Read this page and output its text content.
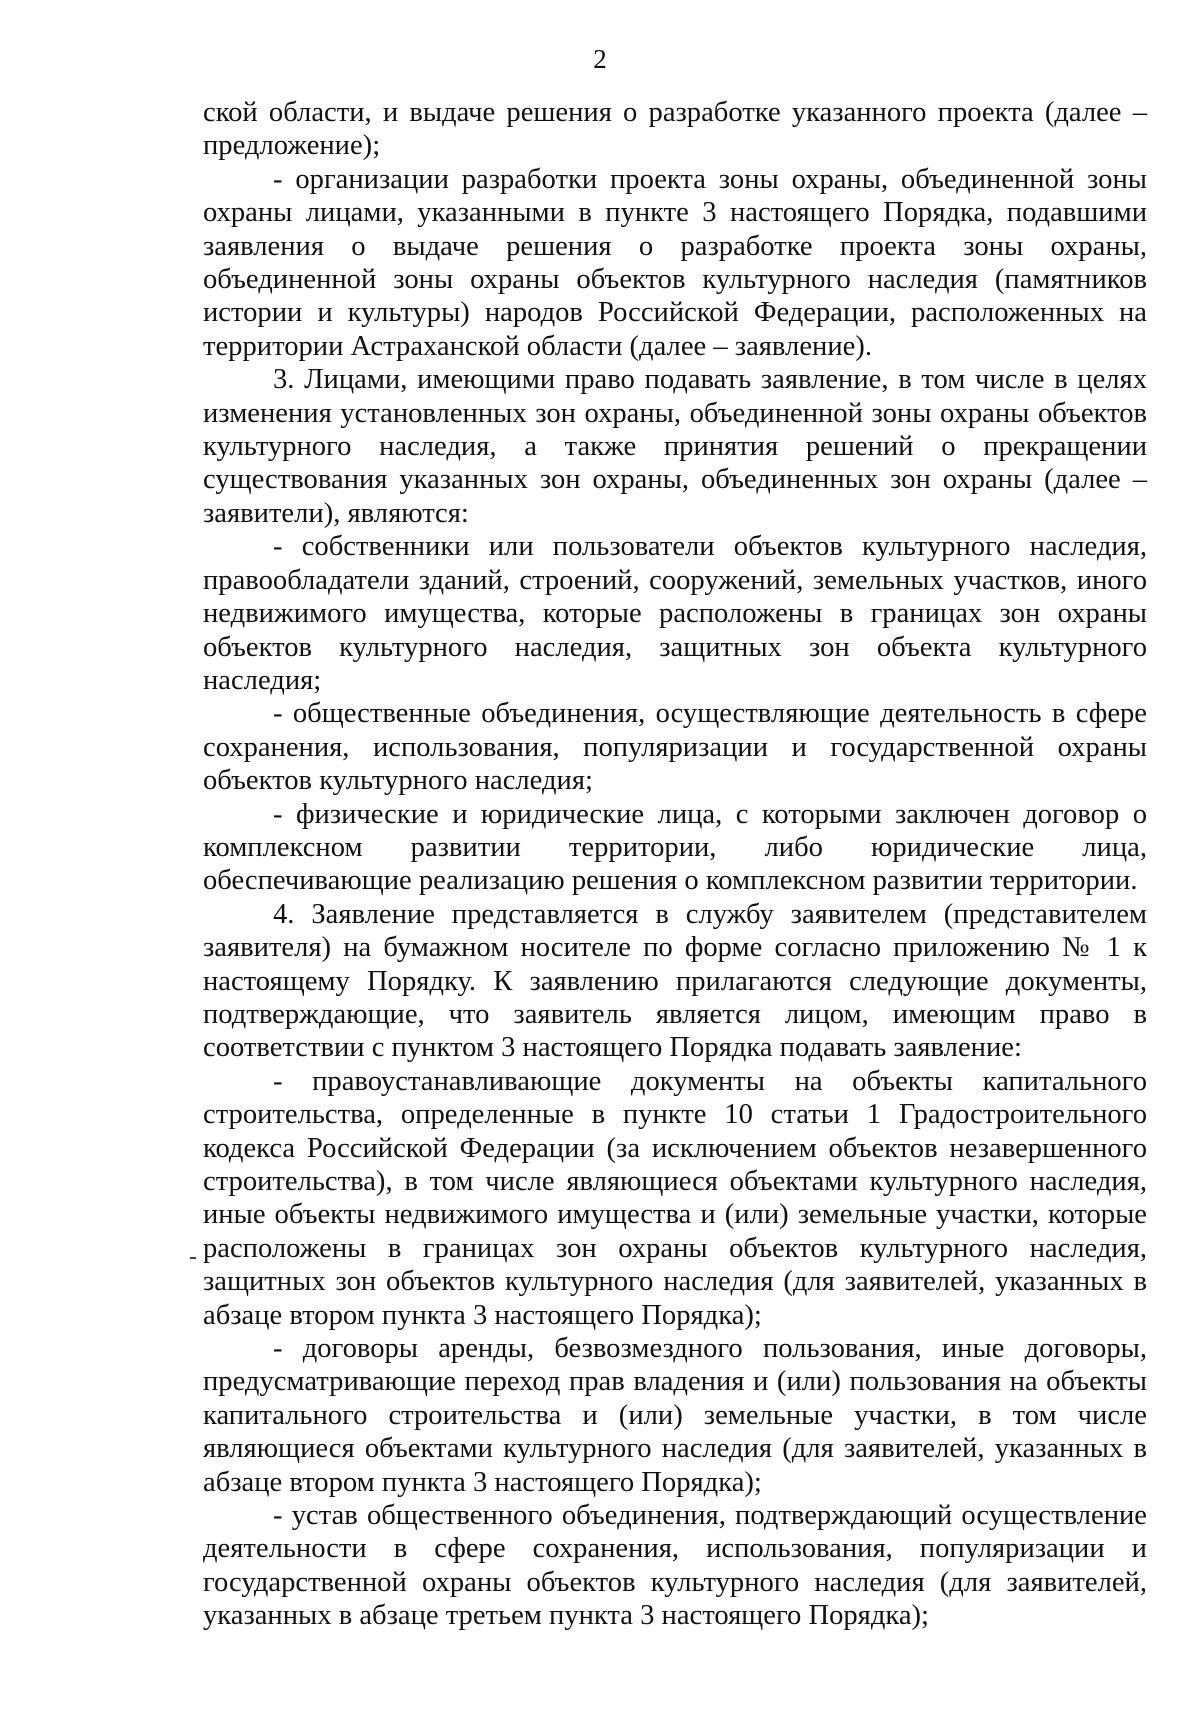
2

ской области, и выдаче решения о разработке указанного проекта (далее – предложение);

- организации разработки проекта зоны охраны, объединенной зоны охраны лицами, указанными в пункте 3 настоящего Порядка, подавшими заявления о выдаче решения о разработке проекта зоны охраны, объединенной зоны охраны объектов культурного наследия (памятников истории и культуры) народов Российской Федерации, расположенных на территории Астраханской области (далее – заявление).

3. Лицами, имеющими право подавать заявление, в том числе в целях изменения установленных зон охраны, объединенной зоны охраны объектов культурного наследия, а также принятия решений о прекращении существования указанных зон охраны, объединенных зон охраны (далее – заявители), являются:

- собственники или пользователи объектов культурного наследия, правообладатели зданий, строений, сооружений, земельных участков, иного недвижимого имущества, которые расположены в границах зон охраны объектов культурного наследия, защитных зон объекта культурного наследия;

- общественные объединения, осуществляющие деятельность в сфере сохранения, использования, популяризации и государственной охраны объектов культурного наследия;

- физические и юридические лица, с которыми заключен договор о комплексном развитии территории, либо юридические лица, обеспечивающие реализацию решения о комплексном развитии территории.

4. Заявление представляется в службу заявителем (представителем заявителя) на бумажном носителе по форме согласно приложению № 1 к настоящему Порядку. К заявлению прилагаются следующие документы, подтверждающие, что заявитель является лицом, имеющим право в соответствии с пунктом 3 настоящего Порядка подавать заявление:

- правоустанавливающие документы на объекты капитального строительства, определенные в пункте 10 статьи 1 Градостроительного кодекса Российской Федерации (за исключением объектов незавершенного строительства), в том числе являющиеся объектами культурного наследия, иные объекты недвижимого имущества и (или) земельные участки, которые расположены в границах зон охраны объектов культурного наследия, защитных зон объектов культурного наследия (для заявителей, указанных в абзаце втором пункта 3 настоящего Порядка);

- договоры аренды, безвозмездного пользования, иные договоры, предусматривающие переход прав владения и (или) пользования на объекты капитального строительства и (или) земельные участки, в том числе являющиеся объектами культурного наследия (для заявителей, указанных в абзаце втором пункта 3 настоящего Порядка);

- устав общественного объединения, подтверждающий осуществление деятельности в сфере сохранения, использования, популяризации и государственной охраны объектов культурного наследия (для заявителей, указанных в абзаце третьем пункта 3 настоящего Порядка);
